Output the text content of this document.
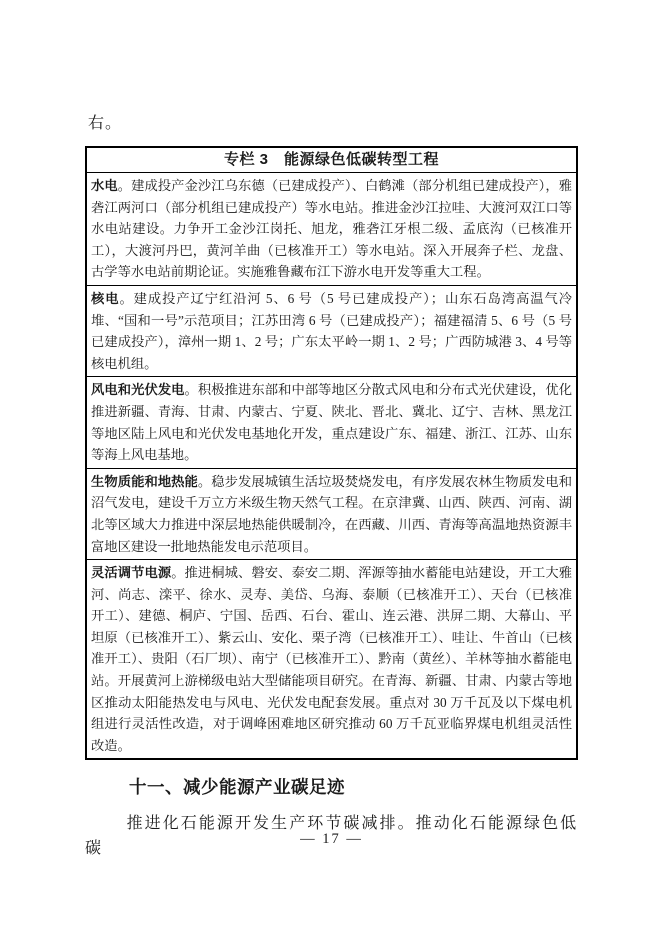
右。
专栏 3　能源绿色低碳转型工程
水电。建成投产金沙江乌东德（已建成投产）、白鹤滩（部分机组已建成投产），雅砻江两河口（部分机组已建成投产）等水电站。推进金沙江拉哇、大渡河双江口等水电站建设。力争开工金沙江岗托、旭龙，雅砻江牙根二级、孟底沟（已核准开工），大渡河丹巴，黄河羊曲（已核准开工）等水电站。深入开展奔子栏、龙盘、古学等水电站前期论证。实施雅鲁藏布江下游水电开发等重大工程。
核电。建成投产辽宁红沿河 5、6 号（5 号已建成投产）；山东石岛湾高温气冷堆、“国和一号”示范项目；江苏田湾 6 号（已建成投产）；福建福清 5、6 号（5 号已建成投产），漳州一期 1、2 号；广东太平岭一期 1、2 号；广西防城港 3、4 号等核电机组。
风电和光伏发电。积极推进东部和中部等地区分散式风电和分布式光伏建设，优化推进新疆、青海、甘肃、内蒙古、宁夏、陕北、晋北、冀北、辽宁、吉林、黑龙江等地区陆上风电和光伏发电基地化开发，重点建设广东、福建、浙江、江苏、山东等海上风电基地。
生物质能和地热能。稳步发展城镇生活垃圾焚烧发电，有序发展农林生物质发电和沼气发电，建设千万立方米级生物天然气工程。在京津冀、山西、陕西、河南、湖北等区域大力推进中深层地热能供暖制冷，在西藏、川西、青海等高温地热资源丰富地区建设一批地热能发电示范项目。
灵活调节电源。推进桐城、磐安、泰安二期、浑源等抽水蓄能电站建设，开工大雅河、尚志、滦平、徐水、灵寿、美岱、乌海、泰顺（已核准开工）、天台（已核准开工）、建德、桐庐、宁国、岳西、石台、霍山、连云港、洪屏二期、大幕山、平坦原（已核准开工）、紫云山、安化、栗子湾（已核准开工）、哇让、牛首山（已核准开工）、贵阳（石厂坝）、南宁（已核准开工）、黔南（黄丝）、羊林等抽水蓄能电站。开展黄河上游梯级电站大型储能项目研究。在青海、新疆、甘肃、内蒙古等地区推动太阳能热发电与风电、光伏发电配套发展。重点对 30 万千瓦及以下煤电机组进行灵活性改造，对于调峰困难地区研究推动 60 万千瓦亚临界煤电机组灵活性改造。
十一、减少能源产业碳足迹

推进化石能源开发生产环节碳减排。推动化石能源绿色低碳

— 17 —
